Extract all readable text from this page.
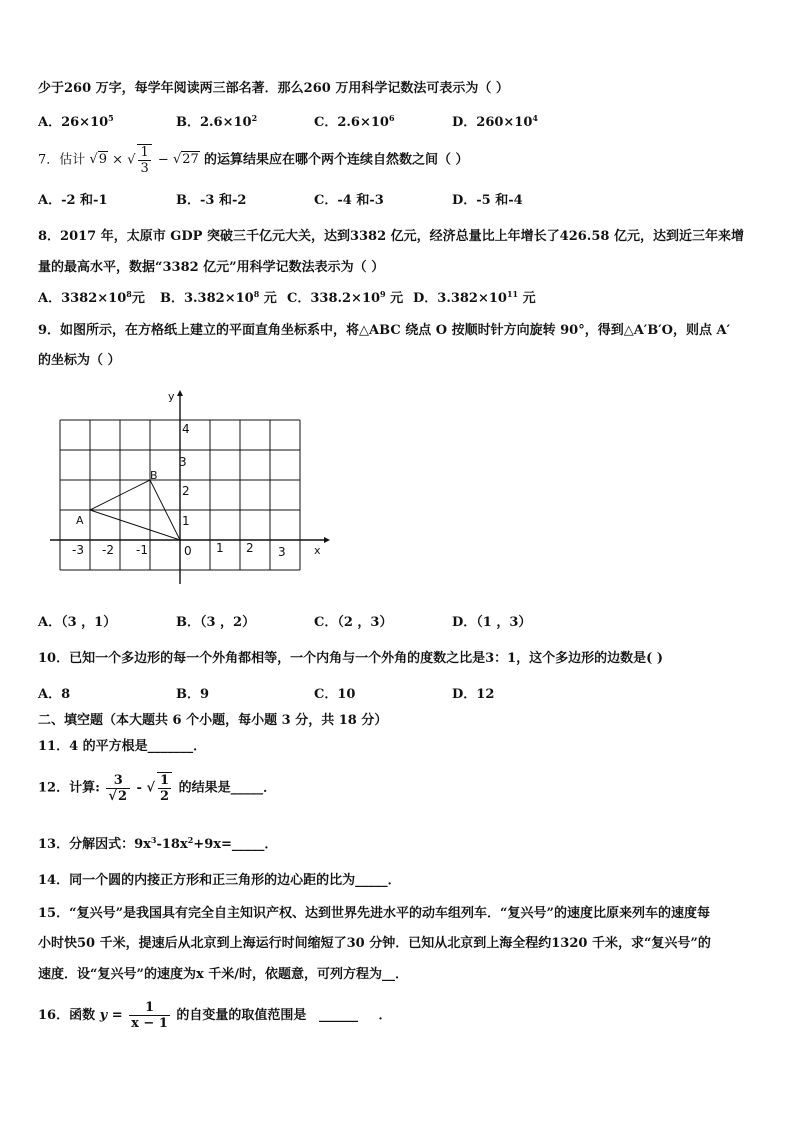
少于260 万字，每学年阅读两三部名著．那么260 万用科学记数法可表示为（ ）
A．$26\times 10^5$	B．$2.6\times 10^2$	C．$2.6\times 10^6$	D．$260\times 10^4$
7．估计 √9 × √ $\frac{1}{3} - √27$ 的运算结果应在哪个两个连续自然数之间（ ）
A．-2 和-1	B．-3 和-2	C．-4 和-3	D．-5 和-4
8．2017 年，太原市 GDP 突破三千亿元大关，达到3382 亿元，经济总量比上年增长了426.58 亿元，达到近三年来增
量的最高水平，数据“3382 亿元”用科学记数法表示为（ ）
A．$3382\times 10^8$元 B．$3.382\times 10^8$ 元 C．$338.2\times 10^9$ 元 D．$3.382\times 10^{11}$ 元
9．如图所示，在方格纸上建立的平面直角坐标系中，将△ABC 绕点 O 按顺时针方向旋转 90°，得到△A′B′O，则点 A′
的坐标为（ ）
y
x
4
3
2
1
0
-3 -2 -1	1 2 3
A
B
A．（3 ，1）	B．（3 ，2）	C．（2 ，3）	D．（1 ，3）
10．已知一个多边形的每一个外角都相等，一个内角与一个外角的度数之比是3：1，这个多边形的边数是( )
A．8	B．9	C．10	D．12
二、填空题（本大题共 6 个小题，每小题 3 分，共 18 分）
11．4 的平方根是_______．
12．计算: $\frac{3}{√2}$ - √ $\frac{1}{2}$ 的结果是_____．
13．分解因式：$9x^3-18x^2+9x=\_\_\_\_\_$．
14．同一个圆的内接正方形和正三角形的边心距的比为_____．
15．“复兴号”是我国具有完全自主知识产权、达到世界先进水平的动车组列车．“复兴号”的速度比原来列车的速度每
小时快50 千米，提速后从北京到上海运行时间缩短了30 分钟．已知从北京到上海全程约1320 千米，求“复兴号”的
速度．设“复兴号”的速度为x 千米/时，依题意，可列方程为__．
16．函数 $y = \frac{1}{x - 1}$ 的自变量的取值范围是 ______ ．
